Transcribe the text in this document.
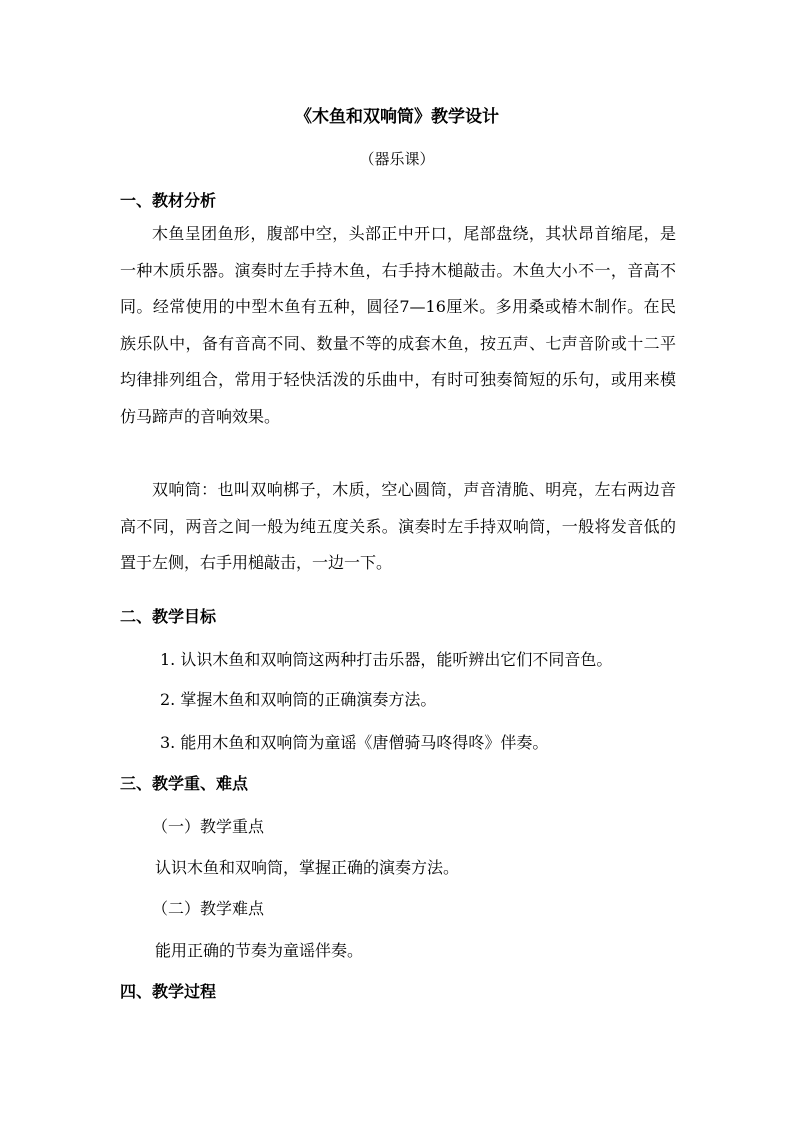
《木鱼和双响筒》教学设计
（器乐课）
一、教材分析

木鱼呈团鱼形，腹部中空，头部正中开口，尾部盘绕，其状昂首缩尾，是一种木质乐器。演奏时左手持木鱼，右手持木槌敲击。木鱼大小不一，音高不同。经常使用的中型木鱼有五种，圆径7—16厘米。多用桑或椿木制作。在民族乐队中，备有音高不同、数量不等的成套木鱼，按五声、七声音阶或十二平均律排列组合，常用于轻快活泼的乐曲中，有时可独奏简短的乐句，或用来模仿马蹄声的音响效果。

双响筒：也叫双响梆子，木质，空心圆筒，声音清脆、明亮，左右两边音高不同，两音之间一般为纯五度关系。演奏时左手持双响筒，一般将发音低的置于左侧，右手用槌敲击，一边一下。

二、教学目标
1. 认识木鱼和双响筒这两种打击乐器，能听辨出它们不同音色。
2. 掌握木鱼和双响筒的正确演奏方法。
3. 能用木鱼和双响筒为童谣《唐僧骑马咚得咚》伴奏。
三、教学重、难点
（一）教学重点
认识木鱼和双响筒，掌握正确的演奏方法。
（二）教学难点
能用正确的节奏为童谣伴奏。
四、教学过程
